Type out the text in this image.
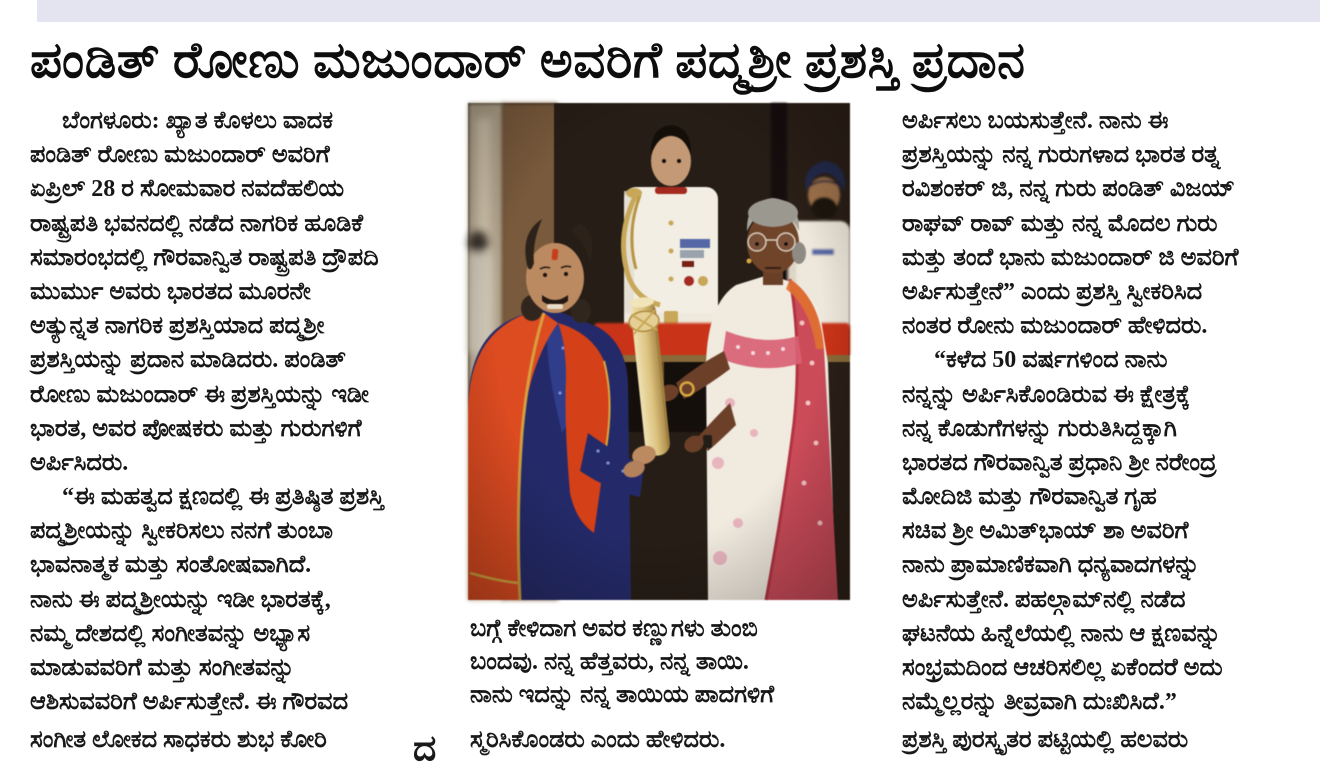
ಪಂಡಿತ್ ರೋಣು ಮಜುಂದಾರ್ ಅವರಿಗೆ ಪದ್ಮಶ್ರೀ ಪ್ರಶಸ್ತಿ ಪ್ರದಾನ
ಬೆಂಗಳೂರು: ಖ್ಯಾತ ಕೊಳಲು ವಾದಕ
ಪಂಡಿತ್ ರೋಣು ಮಜುಂದಾರ್ ಅವರಿಗೆ
ಏಪ್ರಿಲ್ 28 ರ ಸೋಮವಾರ ನವದೆಹಲಿಯ
ರಾಷ್ಟ್ರಪತಿ ಭವನದಲ್ಲಿ ನಡೆದ ನಾಗರಿಕ ಹೂಡಿಕೆ
ಸಮಾರಂಭದಲ್ಲಿ ಗೌರವಾನ್ವಿತ ರಾಷ್ಟ್ರಪತಿ ದ್ರೌಪದಿ
ಮುರ್ಮು ಅವರು ಭಾರತದ ಮೂರನೇ
ಅತ್ಯುನ್ನತ ನಾಗರಿಕ ಪ್ರಶಸ್ತಿಯಾದ ಪದ್ಮಶ್ರೀ
ಪ್ರಶಸ್ತಿಯನ್ನು ಪ್ರದಾನ ಮಾಡಿದರು. ಪಂಡಿತ್
ರೋಣು ಮಜುಂದಾರ್ ಈ ಪ್ರಶಸ್ತಿಯನ್ನು ಇಡೀ
ಭಾರತ, ಅವರ ಪೋಷಕರು ಮತ್ತು ಗುರುಗಳಿಗೆ
ಅರ್ಪಿಸಿದರು.
“ಈ ಮಹತ್ವದ ಕ್ಷಣದಲ್ಲಿ ಈ ಪ್ರತಿಷ್ಠಿತ ಪ್ರಶಸ್ತಿ
ಪದ್ಮಶ್ರೀಯನ್ನು ಸ್ವೀಕರಿಸಲು ನನಗೆ ತುಂಬಾ
ಭಾವನಾತ್ಮಕ ಮತ್ತು ಸಂತೋಷವಾಗಿದೆ.
ನಾನು ಈ ಪದ್ಮಶ್ರೀಯನ್ನು ಇಡೀ ಭಾರತಕ್ಕೆ,
ನಮ್ಮ ದೇಶದಲ್ಲಿ ಸಂಗೀತವನ್ನು ಅಭ್ಯಾಸ
ಮಾಡುವವರಿಗೆ ಮತ್ತು ಸಂಗೀತವನ್ನು
ಆಶಿಸುವವರಿಗೆ ಅರ್ಪಿಸುತ್ತೇನೆ. ಈ ಗೌರವದ
ಬಗ್ಗೆ ಕೇಳಿದಾಗ ಅವರ ಕಣ್ಣುಗಳು ತುಂಬಿ
ಬಂದವು. ನನ್ನ ಹೆತ್ತವರು, ನನ್ನ ತಾಯಿ.
ನಾನು ಇದನ್ನು ನನ್ನ ತಾಯಿಯ ಪಾದಗಳಿಗೆ
ಅರ್ಪಿಸಲು ಬಯಸುತ್ತೇನೆ. ನಾನು ಈ
ಪ್ರಶಸ್ತಿಯನ್ನು ನನ್ನ ಗುರುಗಳಾದ ಭಾರತ ರತ್ನ
ರವಿಶಂಕರ್ ಜಿ, ನನ್ನ ಗುರು ಪಂಡಿತ್ ವಿಜಯ್
ರಾಘವ್ ರಾವ್ ಮತ್ತು ನನ್ನ ಮೊದಲ ಗುರು
ಮತ್ತು ತಂದೆ ಭಾನು ಮಜುಂದಾರ್ ಜಿ ಅವರಿಗೆ
ಅರ್ಪಿಸುತ್ತೇನೆ” ಎಂದು ಪ್ರಶಸ್ತಿ ಸ್ವೀಕರಿಸಿದ
ನಂತರ ರೋನು ಮಜುಂದಾರ್ ಹೇಳಿದರು.
“ಕಳೆದ 50 ವರ್ಷಗಳಿಂದ ನಾನು
ನನ್ನನ್ನು ಅರ್ಪಿಸಿಕೊಂಡಿರುವ ಈ ಕ್ಷೇತ್ರಕ್ಕೆ
ನನ್ನ ಕೊಡುಗೆಗಳನ್ನು ಗುರುತಿಸಿದ್ದಕ್ಕಾಗಿ
ಭಾರತದ ಗೌರವಾನ್ವಿತ ಪ್ರಧಾನಿ ಶ್ರೀ ನರೇಂದ್ರ
ಮೋದಿಜಿ ಮತ್ತು ಗೌರವಾನ್ವಿತ ಗೃಹ
ಸಚಿವ ಶ್ರೀ ಅಮಿತ್‌ಭಾಯ್ ಶಾ ಅವರಿಗೆ
ನಾನು ಪ್ರಾಮಾಣಿಕವಾಗಿ ಧನ್ಯವಾದಗಳನ್ನು
ಅರ್ಪಿಸುತ್ತೇನೆ. ಪಹಲ್ಗಾಮ್‌ನಲ್ಲಿ ನಡೆದ
ಘಟನೆಯ ಹಿನ್ನೆಲೆಯಲ್ಲಿ ನಾನು ಆ ಕ್ಷಣವನ್ನು
ಸಂಭ್ರಮದಿಂದ ಆಚರಿಸಲಿಲ್ಲ ಏಕೆಂದರೆ ಅದು
ನಮ್ಮೆಲ್ಲರನ್ನು ತೀವ್ರವಾಗಿ ದುಃಖಿಸಿದೆ.”
ಸಂಗೀತ ಲೋಕದ ಸಾಧಕರು ಶುಭ ಕೋರಿ	ದ	ಸ್ಮರಿಸಿಕೊಂಡರು ಎಂದು ಹೇಳಿದರು.	ಪ್ರಶಸ್ತಿ ಪುರಸ್ಕೃತರ ಪಟ್ಟಿಯಲ್ಲಿ ಹಲವರು
